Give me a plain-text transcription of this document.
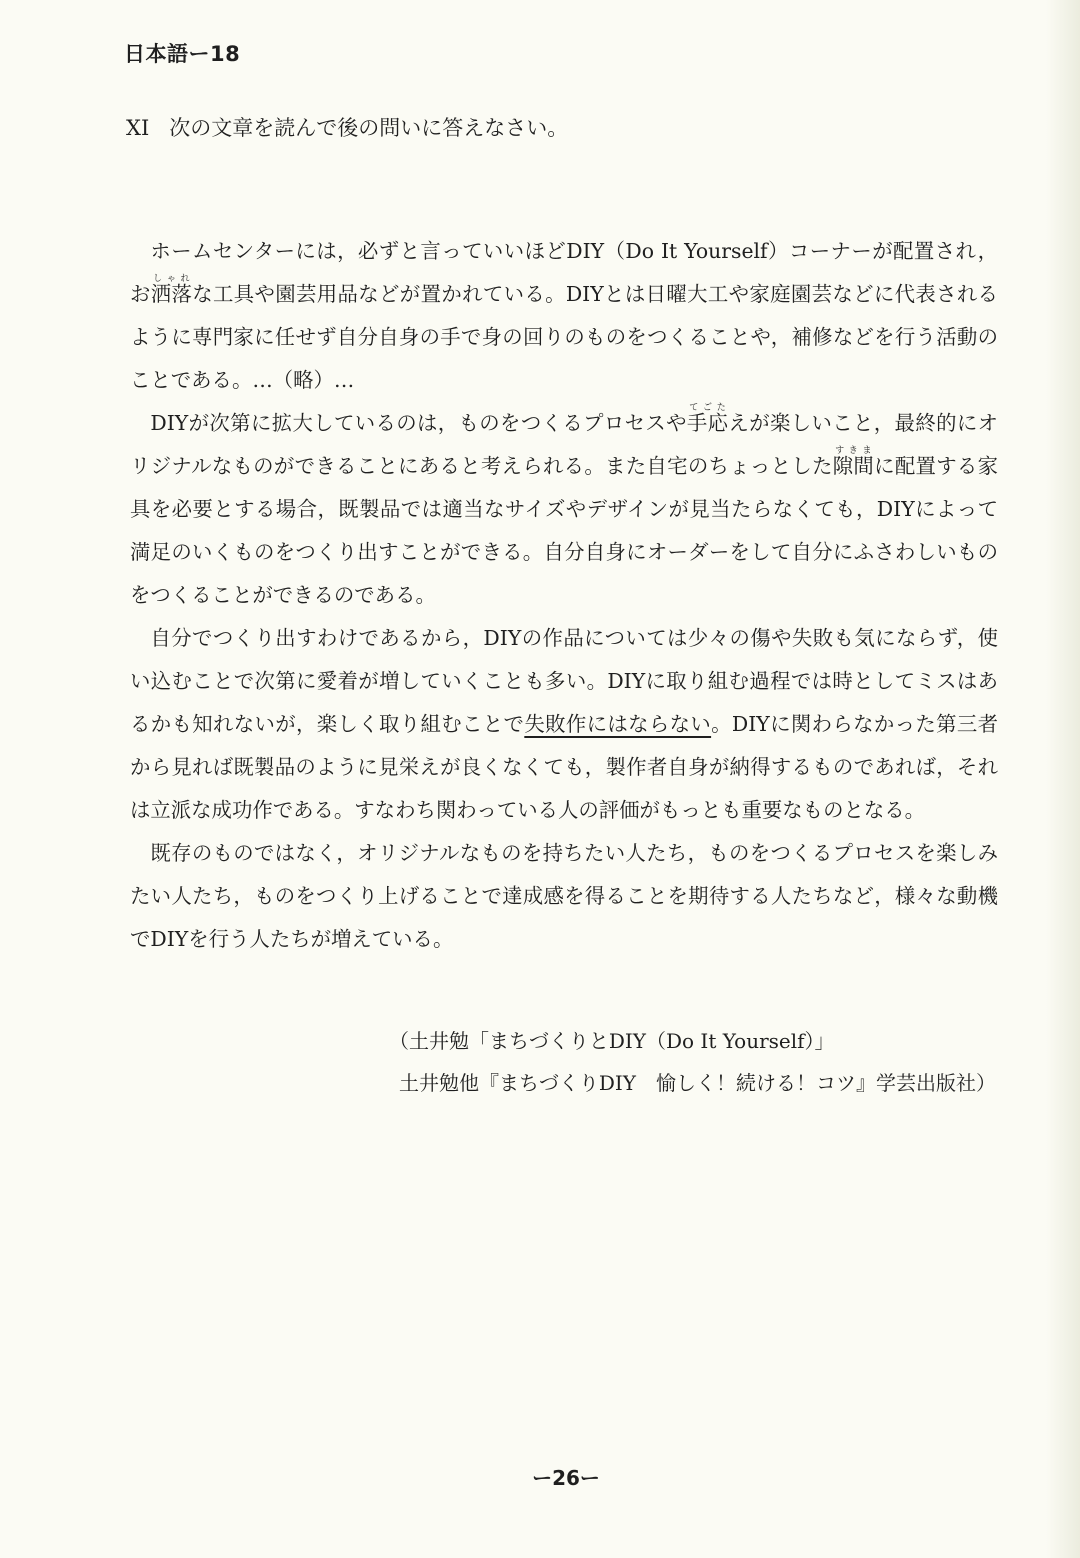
日本語ー18
XI 次の文章を読んで後の問いに答えなさい。

ホームセンターには，必ずと言っていいほどDIY（Do It Yourself）コーナーが配置され，お洒落しゃれな工具や園芸用品などが置かれている。DIYとは日曜大工や家庭園芸などに代表されるように専門家に任せず自分自身の手で身の回りのものをつくることや，補修などを行う活動のことである。…（略）…

DIYが次第に拡大しているのは，ものをつくるプロセスや手応てごたえが楽しいこと，最終的にオリジナルなものができることにあると考えられる。また自宅のちょっとした隙間すきまに配置する家具を必要とする場合，既製品では適当なサイズやデザインが見当たらなくても，DIYによって満足のいくものをつくり出すことができる。自分自身にオーダーをして自分にふさわしいものをつくることができるのである。

自分でつくり出すわけであるから，DIYの作品については少々の傷や失敗も気にならず，使い込むことで次第に愛着が増していくことも多い。DIYに取り組む過程では時としてミスはあるかも知れないが，楽しく取り組むことで失敗作にはならない。DIYに関わらなかった第三者から見れば既製品のように見栄えが良くなくても，製作者自身が納得するものであれば，それは立派な成功作である。すなわち関わっている人の評価がもっとも重要なものとなる。

既存のものではなく，オリジナルなものを持ちたい人たち，ものをつくるプロセスを楽しみたい人たち，ものをつくり上げることで達成感を得ることを期待する人たちなど，様々な動機でDIYを行う人たちが増えている。

（土井勉「まちづくりとDIY（Do It Yourself）」
土井勉他『まちづくりDIY　愉しく！続ける！コツ』学芸出版社）
ー26ー
